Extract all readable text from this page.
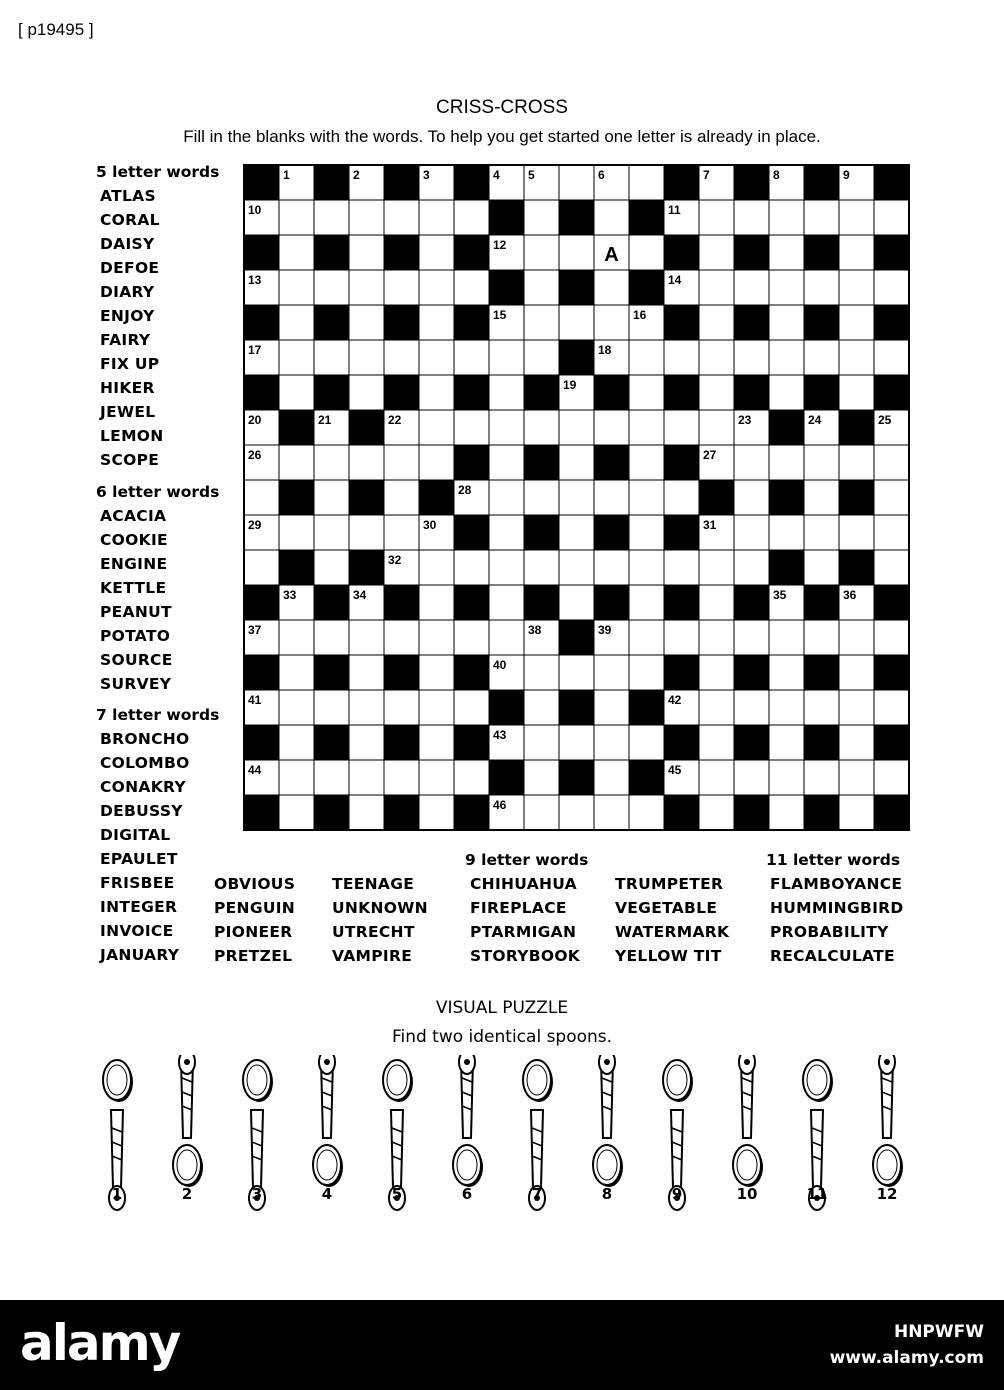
[ p19495 ]
CRISS-CROSS
Fill in the blanks with the words. To help you get started one letter is already in place.
5 letter words
ATLAS
CORAL
DAISY
DEFOE
DIARY
ENJOY
FAIRY
FIX UP
HIKER
JEWEL
LEMON
SCOPE
6 letter words
ACACIA
COOKIE
ENGINE
KETTLE
PEANUT
POTATO
SOURCE
SURVEY
7 letter words
BRONCHO
COLOMBO
CONAKRY
DEBUSSY
DIGITAL
EPAULET
FRISBEE
INTEGER
INVOICE
JANUARY
OBVIOUS
PENGUIN
PIONEER
PRETZEL
TEENAGE
UNKNOWN
UTRECHT
VAMPIRE
9 letter words
CHIHUAHUA
FIREPLACE
PTARMIGAN
STORYBOOK
TRUMPETER
VEGETABLE
WATERMARK
YELLOW TIT
11 letter words
FLAMBOYANCE
HUMMINGBIRD
PROBABILITY
RECALCULATE
1	2	3	4 5	6	7	8	9
10	11
12
13	14
15	16
17	18
19
20	21	22	23	24	25
26	27
28
29	30	31
32
33	34	35	36
37	38	39
40
41	42
43
44	45
46
A
VISUAL PUZZLE
Find two identical spoons.
1	2	3	4	5	6	7	8	9	10	11	12
alamy	HNPWFW
www.alamy.com
